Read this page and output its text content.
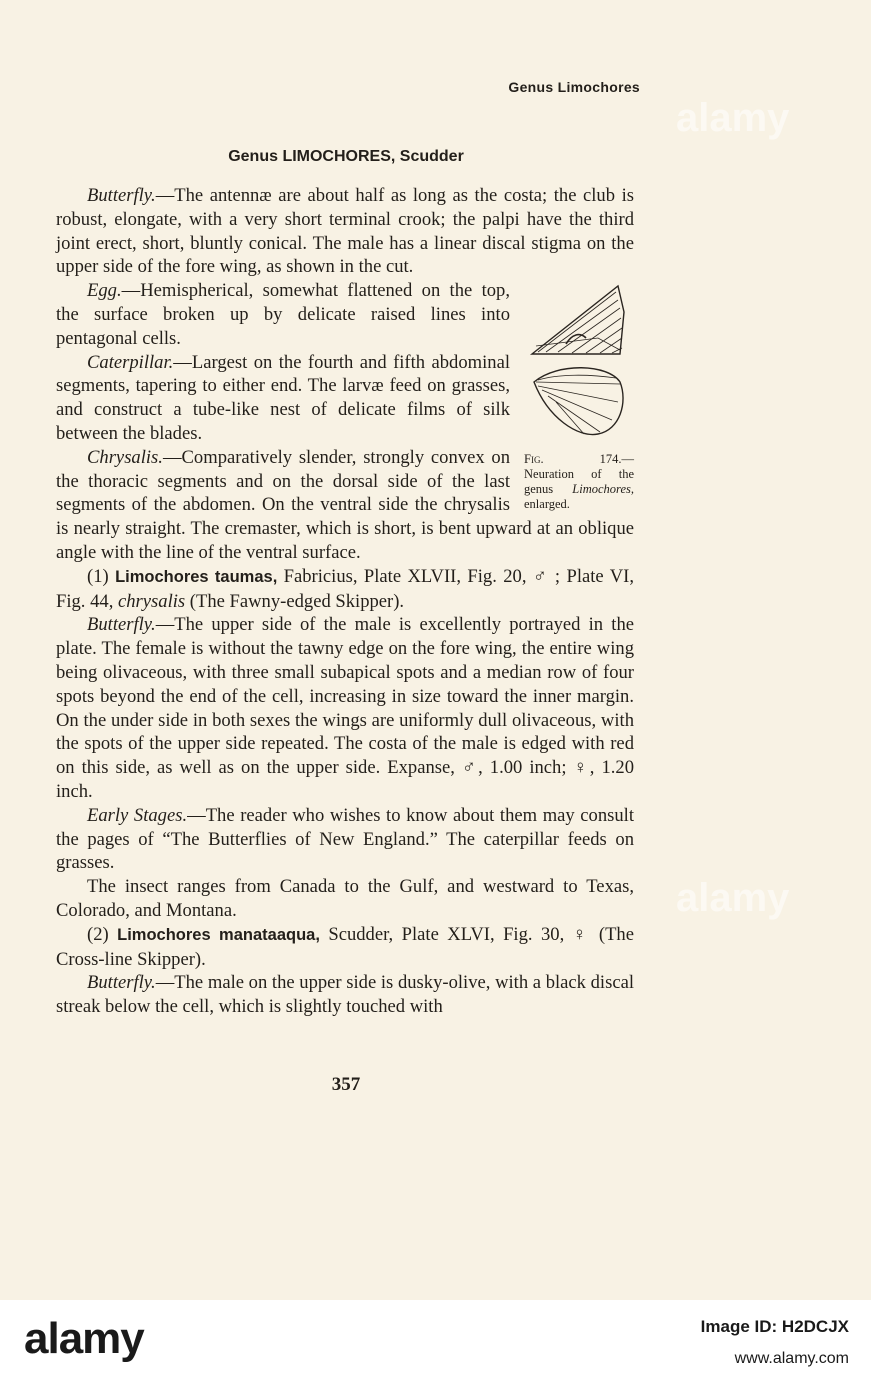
Genus Limochores
Genus LIMOCHORES, Scudder

Butterfly.—The antennæ are about half as long as the costa; the club is robust, elongate, with a very short terminal crook; the palpi have the third joint erect, short, bluntly conical. The male has a linear discal stigma on the upper side of the fore wing, as shown in the cut.

Fig. 174.— Neuration of the genus Limochores, enlarged.

Egg.—Hemispherical, somewhat flattened on the top, the surface broken up by delicate raised lines into pentagonal cells.

Caterpillar.—Largest on the fourth and fifth abdominal segments, tapering to either end. The larvæ feed on grasses, and construct a tube-like nest of delicate films of silk between the blades.

Chrysalis.—Comparatively slender, strongly convex on the thoracic segments and on the dorsal side of the last segments of the abdomen. On the ventral side the chrysalis is nearly straight. The cremaster, which is short, is bent upward at an oblique angle with the line of the ventral surface.

(1) Limochores taumas, Fabricius, Plate XLVII, Fig. 20, ♂ ; Plate VI, Fig. 44, chrysalis (The Fawny-edged Skipper).

Butterfly.—The upper side of the male is excellently portrayed in the plate. The female is without the tawny edge on the fore wing, the entire wing being olivaceous, with three small subapical spots and a median row of four spots beyond the end of the cell, increasing in size toward the inner margin. On the under side in both sexes the wings are uniformly dull olivaceous, with the spots of the upper side repeated. The costa of the male is edged with red on this side, as well as on the upper side. Expanse, ♂, 1.00 inch; ♀, 1.20 inch.

Early Stages.—The reader who wishes to know about them may consult the pages of “The Butterflies of New England.” The caterpillar feeds on grasses.

The insect ranges from Canada to the Gulf, and westward to Texas, Colorado, and Montana.

(2) Limochores manataaqua, Scudder, Plate XLVI, Fig. 30, ♀ (The Cross-line Skipper).

Butterfly.—The male on the upper side is dusky-olive, with a black discal streak below the cell, which is slightly touched with

357
alamy
alamy
alamy	Image ID: H2DCJX
www.alamy.com
